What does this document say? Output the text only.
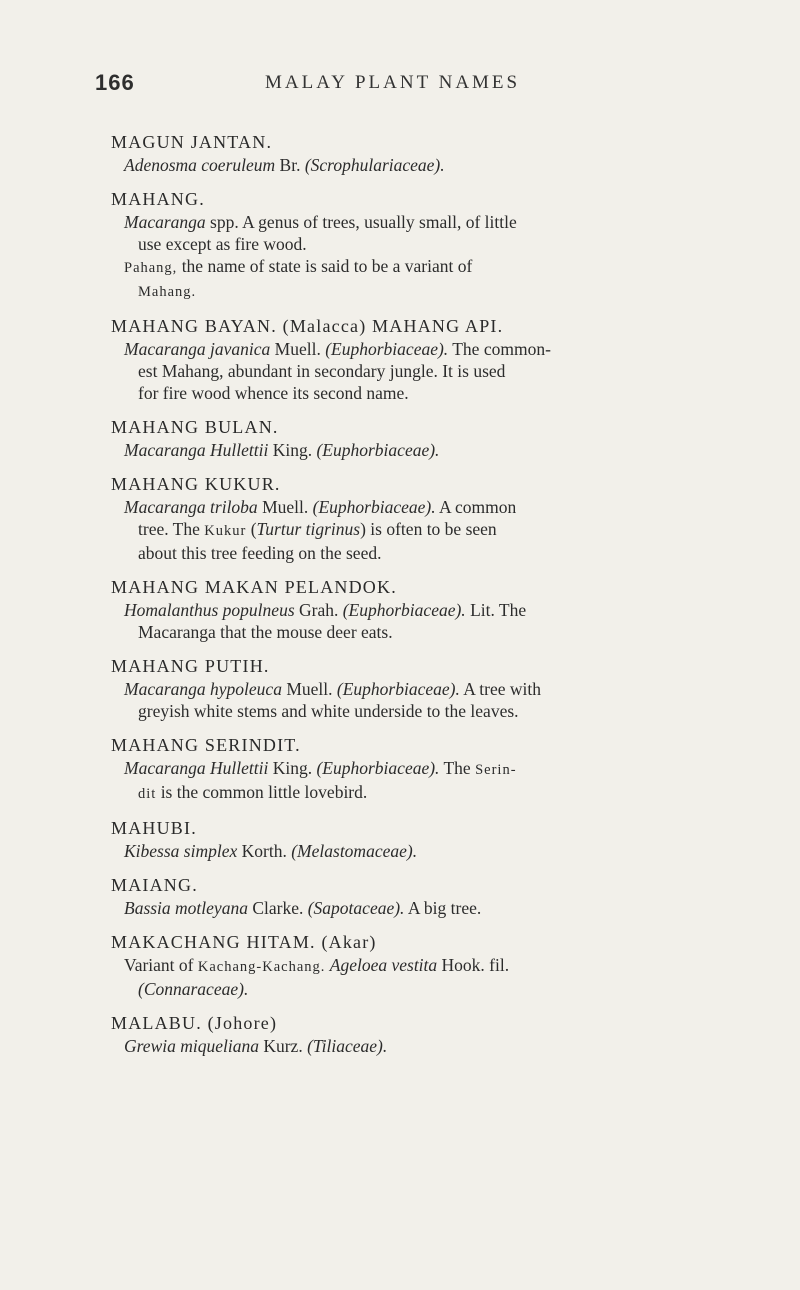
166	MALAY PLANT NAMES
MAGUN JANTAN.

Adenosma coeruleum Br. (Scrophulariaceae).

MAHANG.

Macaranga spp. A genus of trees, usually small, of little

use except as fire wood.

Pahang, the name of state is said to be a variant of

Mahang.

MAHANG BAYAN. (Malacca) MAHANG API.

Macaranga javanica Muell. (Euphorbiaceae). The common-

est Mahang, abundant in secondary jungle. It is used

for fire wood whence its second name.

MAHANG BULAN.

Macaranga Hullettii King. (Euphorbiaceae).

MAHANG KUKUR.

Macaranga triloba Muell. (Euphorbiaceae). A common

tree. The Kukur (Turtur tigrinus) is often to be seen

about this tree feeding on the seed.

MAHANG MAKAN PELANDOK.

Homalanthus populneus Grah. (Euphorbiaceae). Lit. The

Macaranga that the mouse deer eats.

MAHANG PUTIH.

Macaranga hypoleuca Muell. (Euphorbiaceae). A tree with

greyish white stems and white underside to the leaves.

MAHANG SERINDIT.

Macaranga Hullettii King. (Euphorbiaceae). The Serin-

dit is the common little lovebird.

MAHUBI.

Kibessa simplex Korth. (Melastomaceae).

MAIANG.

Bassia motleyana Clarke. (Sapotaceae). A big tree.

MAKACHANG HITAM. (Akar)

Variant of Kachang-Kachang. Ageloea vestita Hook. fil.

(Connaraceae).

MALABU. (Johore)

Grewia miqueliana Kurz. (Tiliaceae).
